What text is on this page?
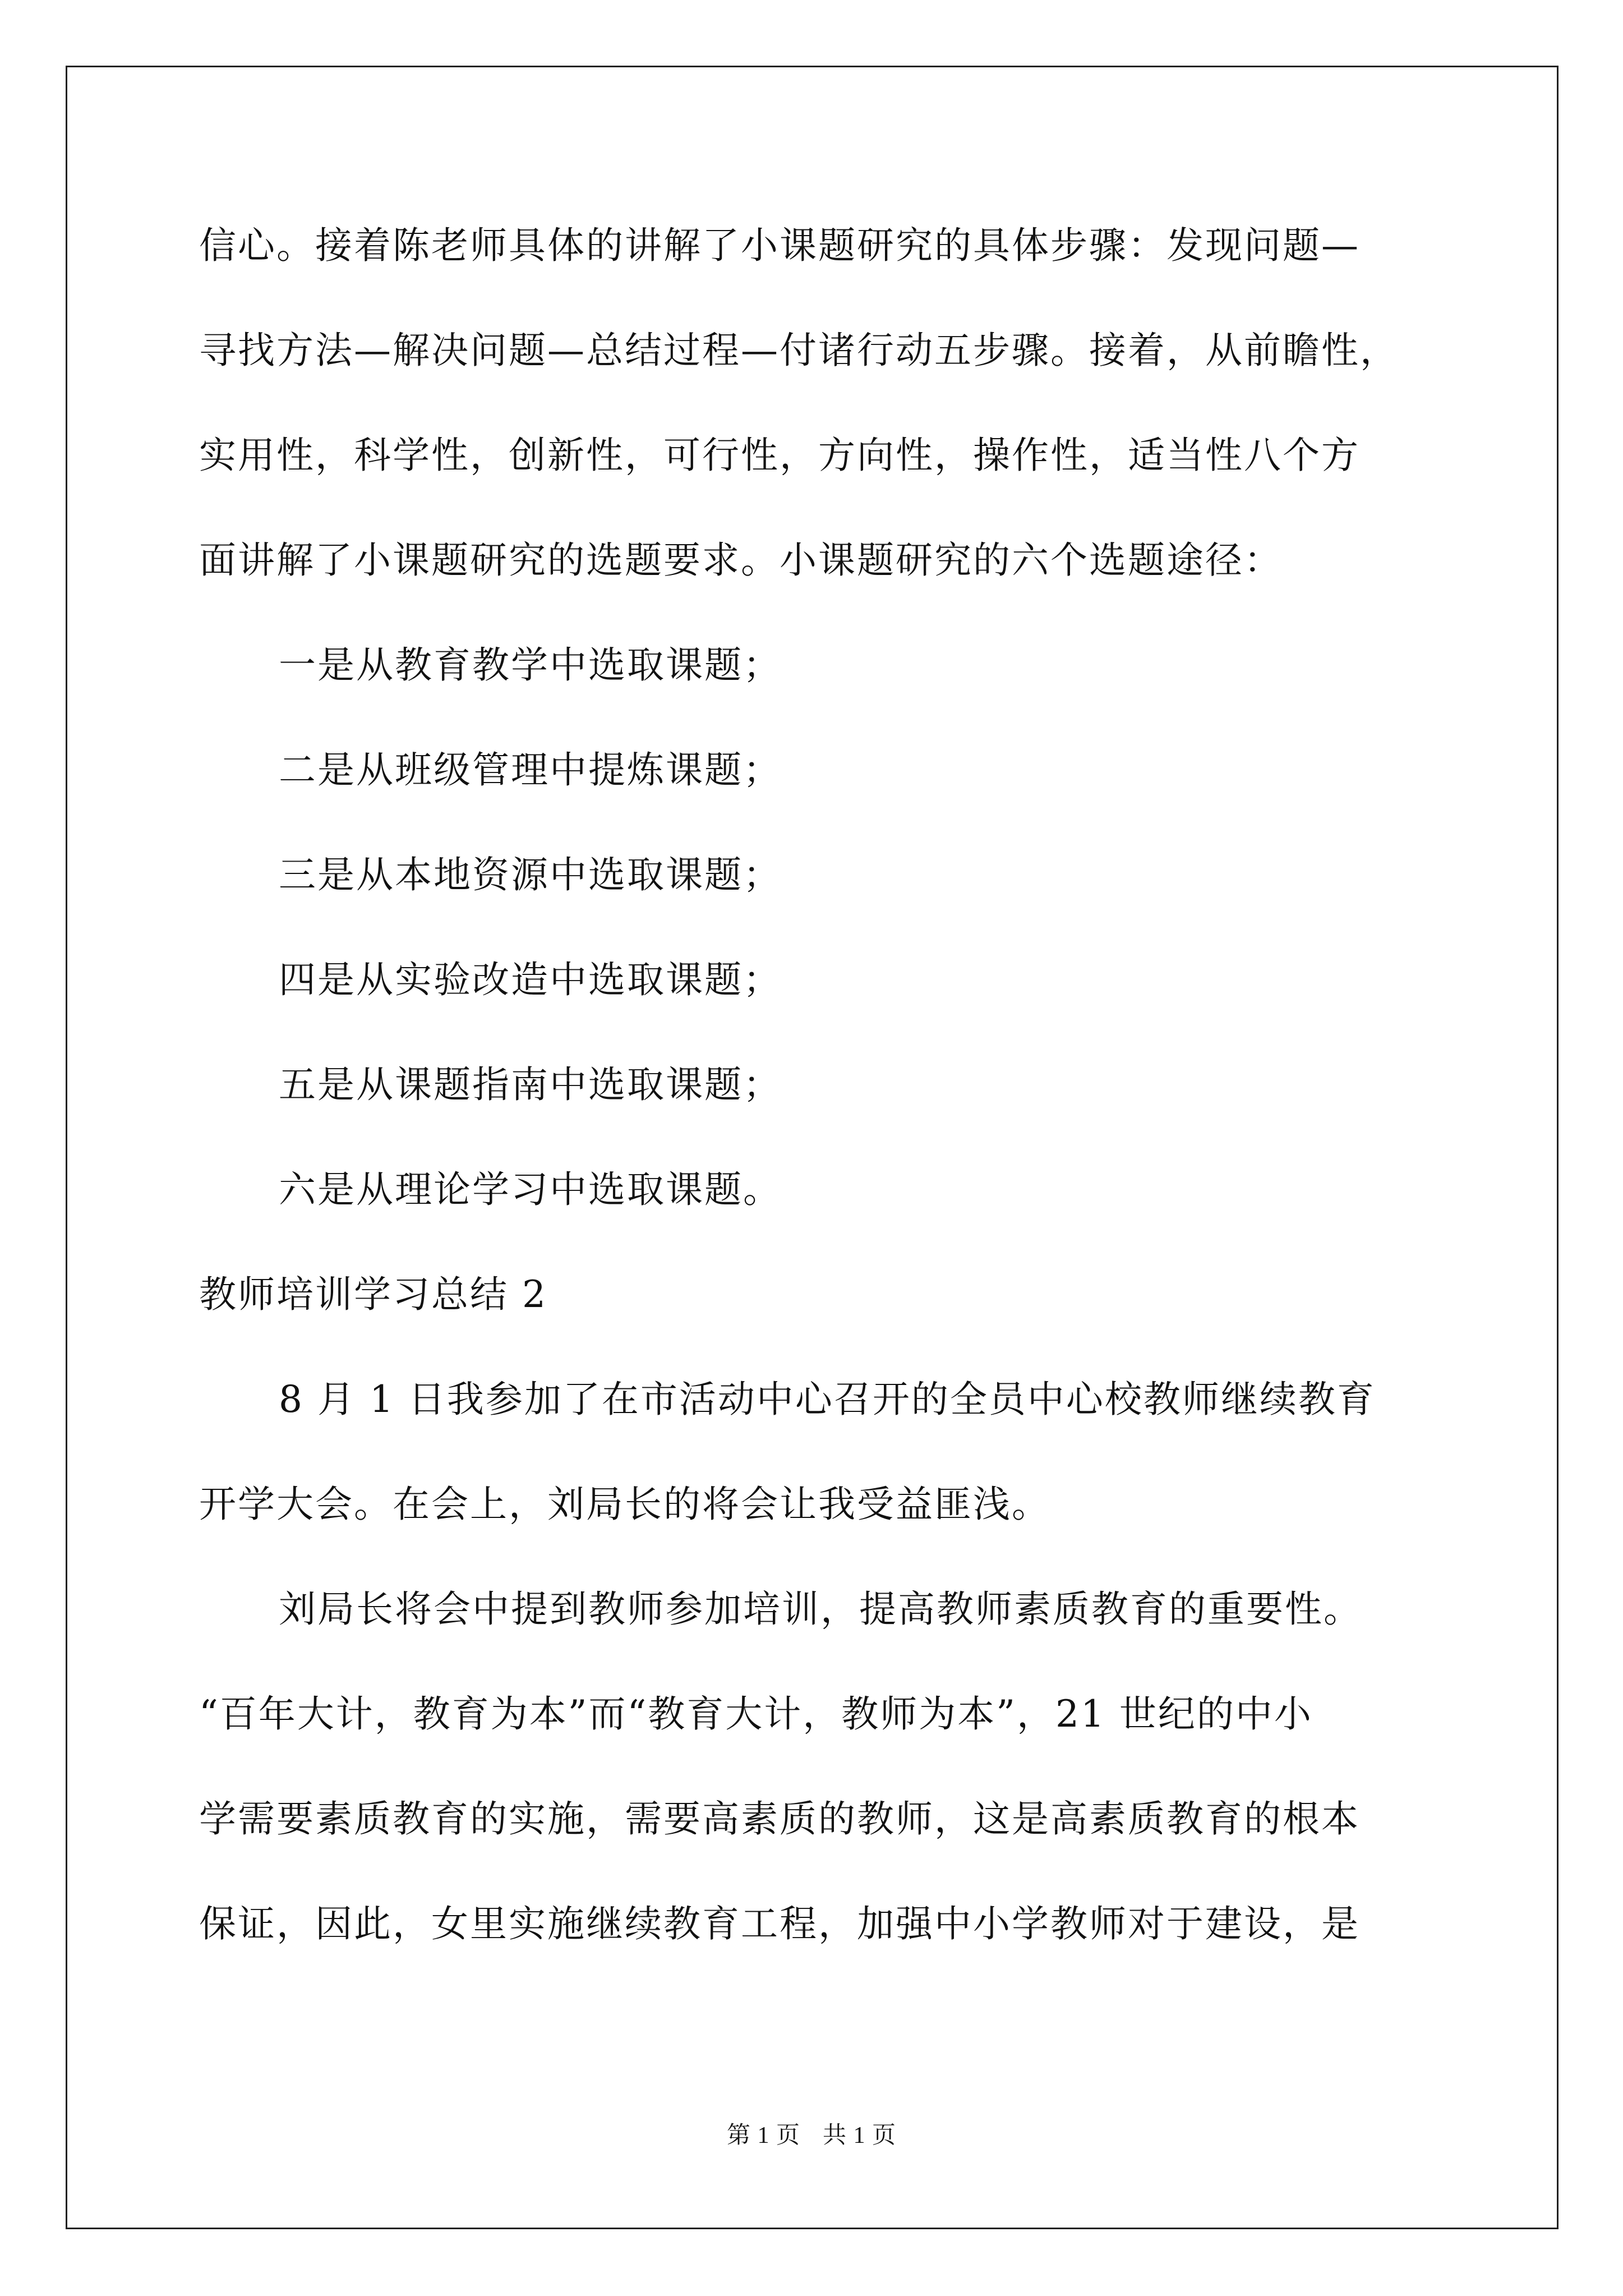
信心。接着陈老师具体的讲解了小课题研究的具体步骤：发现问题—
寻找方法—解决问题—总结过程—付诸行动五步骤。接着，从前瞻性，
实用性，科学性，创新性，可行性，方向性，操作性，适当性八个方
面讲解了小课题研究的选题要求。小课题研究的六个选题途径：
一是从教育教学中选取课题；
二是从班级管理中提炼课题；
三是从本地资源中选取课题；
四是从实验改造中选取课题；
五是从课题指南中选取课题；
六是从理论学习中选取课题。
教师培训学习总结 2
8 月 1 日我参加了在市活动中心召开的全员中心校教师继续教育
开学大会。在会上，刘局长的将会让我受益匪浅。
刘局长将会中提到教师参加培训，提高教师素质教育的重要性。
“百年大计，教育为本”而“教育大计，教师为本”，21 世纪的中小
学需要素质教育的实施，需要高素质的教师，这是高素质教育的根本
保证，因此，女里实施继续教育工程，加强中小学教师对于建设，是
第 1 页 共 1 页
